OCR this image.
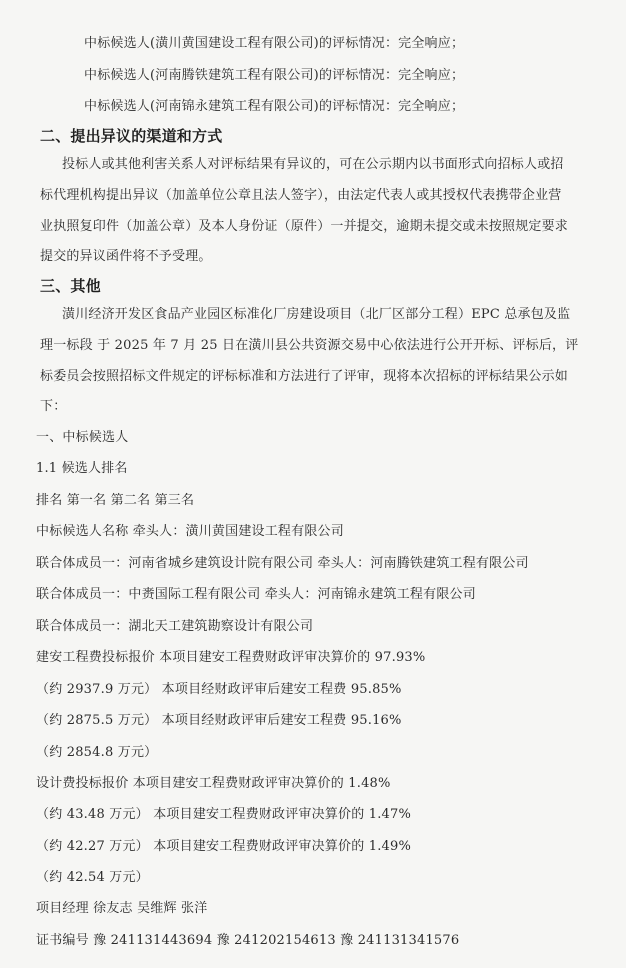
中标候选人(潢川黄国建设工程有限公司)的评标情况：完全响应；
中标候选人(河南腾铁建筑工程有限公司)的评标情况：完全响应；
中标候选人(河南锦永建筑工程有限公司)的评标情况：完全响应；
二、提出异议的渠道和方式
投标人或其他利害关系人对评标结果有异议的，可在公示期内以书面形式向招标人或招
标代理机构提出异议（加盖单位公章且法人签字），由法定代表人或其授权代表携带企业营
业执照复印件（加盖公章）及本人身份证（原件）一并提交，逾期未提交或未按照规定要求
提交的异议函件将不予受理。
三、其他
潢川经济开发区食品产业园区标准化厂房建设项目（北厂区部分工程）EPC 总承包及监
理一标段 于 2025 年 7 月 25 日在潢川县公共资源交易中心依法进行公开开标、评标后，评
标委员会按照招标文件规定的评标标准和方法进行了评审，现将本次招标的评标结果公示如
下：
一、中标候选人
1.1 候选人排名
排名 第一名 第二名 第三名
中标候选人名称 牵头人：潢川黄国建设工程有限公司
联合体成员一：河南省城乡建筑设计院有限公司 牵头人：河南腾铁建筑工程有限公司
联合体成员一：中赉国际工程有限公司 牵头人：河南锦永建筑工程有限公司
联合体成员一：湖北天工建筑勘察设计有限公司
建安工程费投标报价 本项目建安工程费财政评审决算价的 97.93%
（约 2937.9 万元） 本项目经财政评审后建安工程费 95.85%
（约 2875.5 万元） 本项目经财政评审后建安工程费 95.16%
（约 2854.8 万元）
设计费投标报价 本项目建安工程费财政评审决算价的 1.48%
（约 43.48 万元） 本项目建安工程费财政评审决算价的 1.47%
（约 42.27 万元） 本项目建安工程费财政评审决算价的 1.49%
（约 42.54 万元）
项目经理 徐友志 吴维辉 张洋
证书编号 豫 241131443694 豫 241202154613 豫 241131341576
